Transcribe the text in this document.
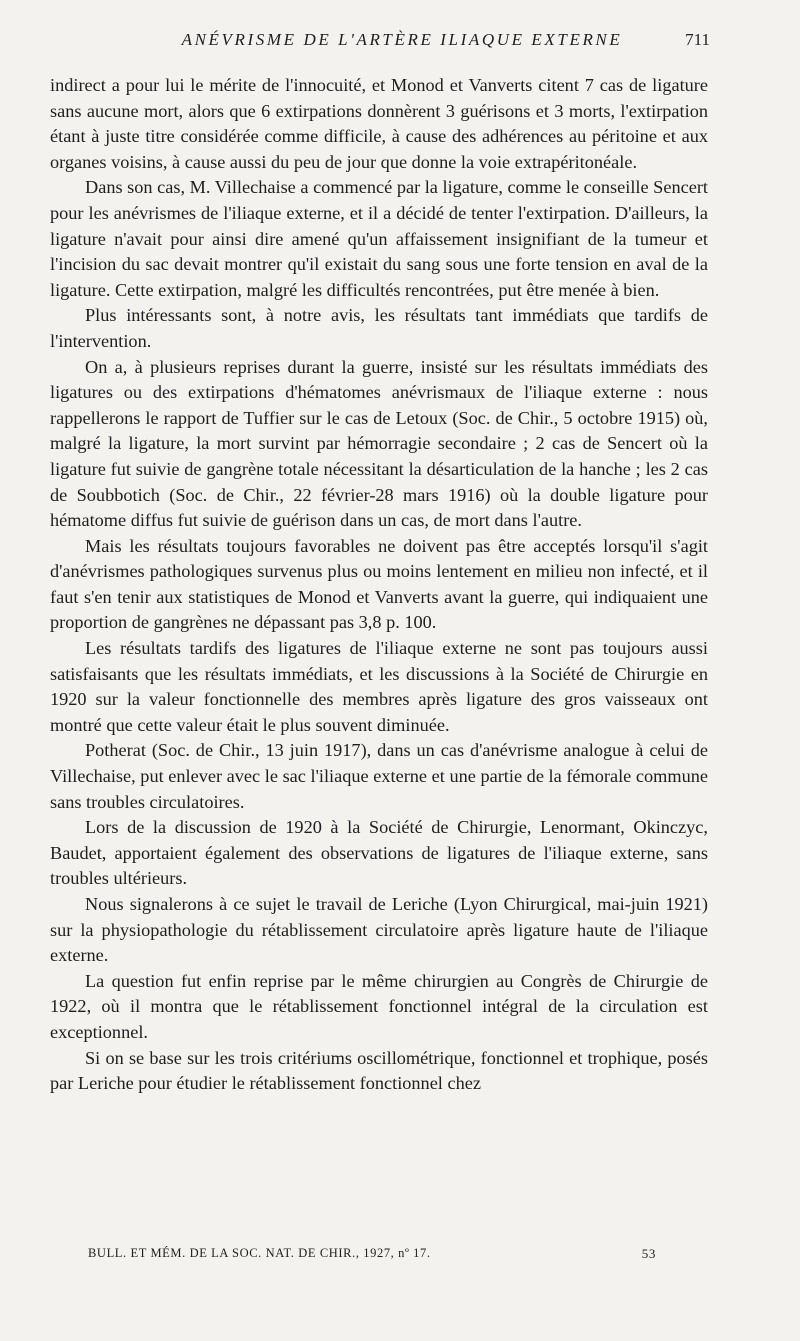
ANÉVRISME DE L'ARTÈRE ILIAQUE EXTERNE	711

indirect a pour lui le mérite de l'innocuité, et Monod et Vanverts citent 7 cas de ligature sans aucune mort, alors que 6 extirpations donnèrent 3 guérisons et 3 morts, l'extirpation étant à juste titre considérée comme difficile, à cause des adhérences au péritoine et aux organes voisins, à cause aussi du peu de jour que donne la voie extrapéritonéale.

Dans son cas, M. Villechaise a commencé par la ligature, comme le conseille Sencert pour les anévrismes de l'iliaque externe, et il a décidé de tenter l'extirpation. D'ailleurs, la ligature n'avait pour ainsi dire amené qu'un affaissement insignifiant de la tumeur et l'incision du sac devait montrer qu'il existait du sang sous une forte tension en aval de la ligature. Cette extirpation, malgré les difficultés rencontrées, put être menée à bien.

Plus intéressants sont, à notre avis, les résultats tant immédiats que tardifs de l'intervention.

On a, à plusieurs reprises durant la guerre, insisté sur les résultats immédiats des ligatures ou des extirpations d'hématomes anévrismaux de l'iliaque externe : nous rappellerons le rapport de Tuffier sur le cas de Letoux (Soc. de Chir., 5 octobre 1915) où, malgré la ligature, la mort survint par hémorragie secondaire ; 2 cas de Sencert où la ligature fut suivie de gangrène totale nécessitant la désarticulation de la hanche ; les 2 cas de Soubbotich (Soc. de Chir., 22 février-28 mars 1916) où la double ligature pour hématome diffus fut suivie de guérison dans un cas, de mort dans l'autre.

Mais les résultats toujours favorables ne doivent pas être acceptés lorsqu'il s'agit d'anévrismes pathologiques survenus plus ou moins lentement en milieu non infecté, et il faut s'en tenir aux statistiques de Monod et Vanverts avant la guerre, qui indiquaient une proportion de gangrènes ne dépassant pas 3,8 p. 100.

Les résultats tardifs des ligatures de l'iliaque externe ne sont pas toujours aussi satisfaisants que les résultats immédiats, et les discussions à la Société de Chirurgie en 1920 sur la valeur fonctionnelle des membres après ligature des gros vaisseaux ont montré que cette valeur était le plus souvent diminuée.

Potherat (Soc. de Chir., 13 juin 1917), dans un cas d'anévrisme analogue à celui de Villechaise, put enlever avec le sac l'iliaque externe et une partie de la fémorale commune sans troubles circulatoires.

Lors de la discussion de 1920 à la Société de Chirurgie, Lenormant, Okinczyc, Baudet, apportaient également des observations de ligatures de l'iliaque externe, sans troubles ultérieurs.

Nous signalerons à ce sujet le travail de Leriche (Lyon Chirurgical, mai-juin 1921) sur la physiopathologie du rétablissement circulatoire après ligature haute de l'iliaque externe.

La question fut enfin reprise par le même chirurgien au Congrès de Chirurgie de 1922, où il montra que le rétablissement fonctionnel intégral de la circulation est exceptionnel.

Si on se base sur les trois critériums oscillométrique, fonctionnel et trophique, posés par Leriche pour étudier le rétablissement fonctionnel chez

BULL. ET MÉM. DE LA SOC. NAT. DE CHIR., 1927, nº 17.	53
